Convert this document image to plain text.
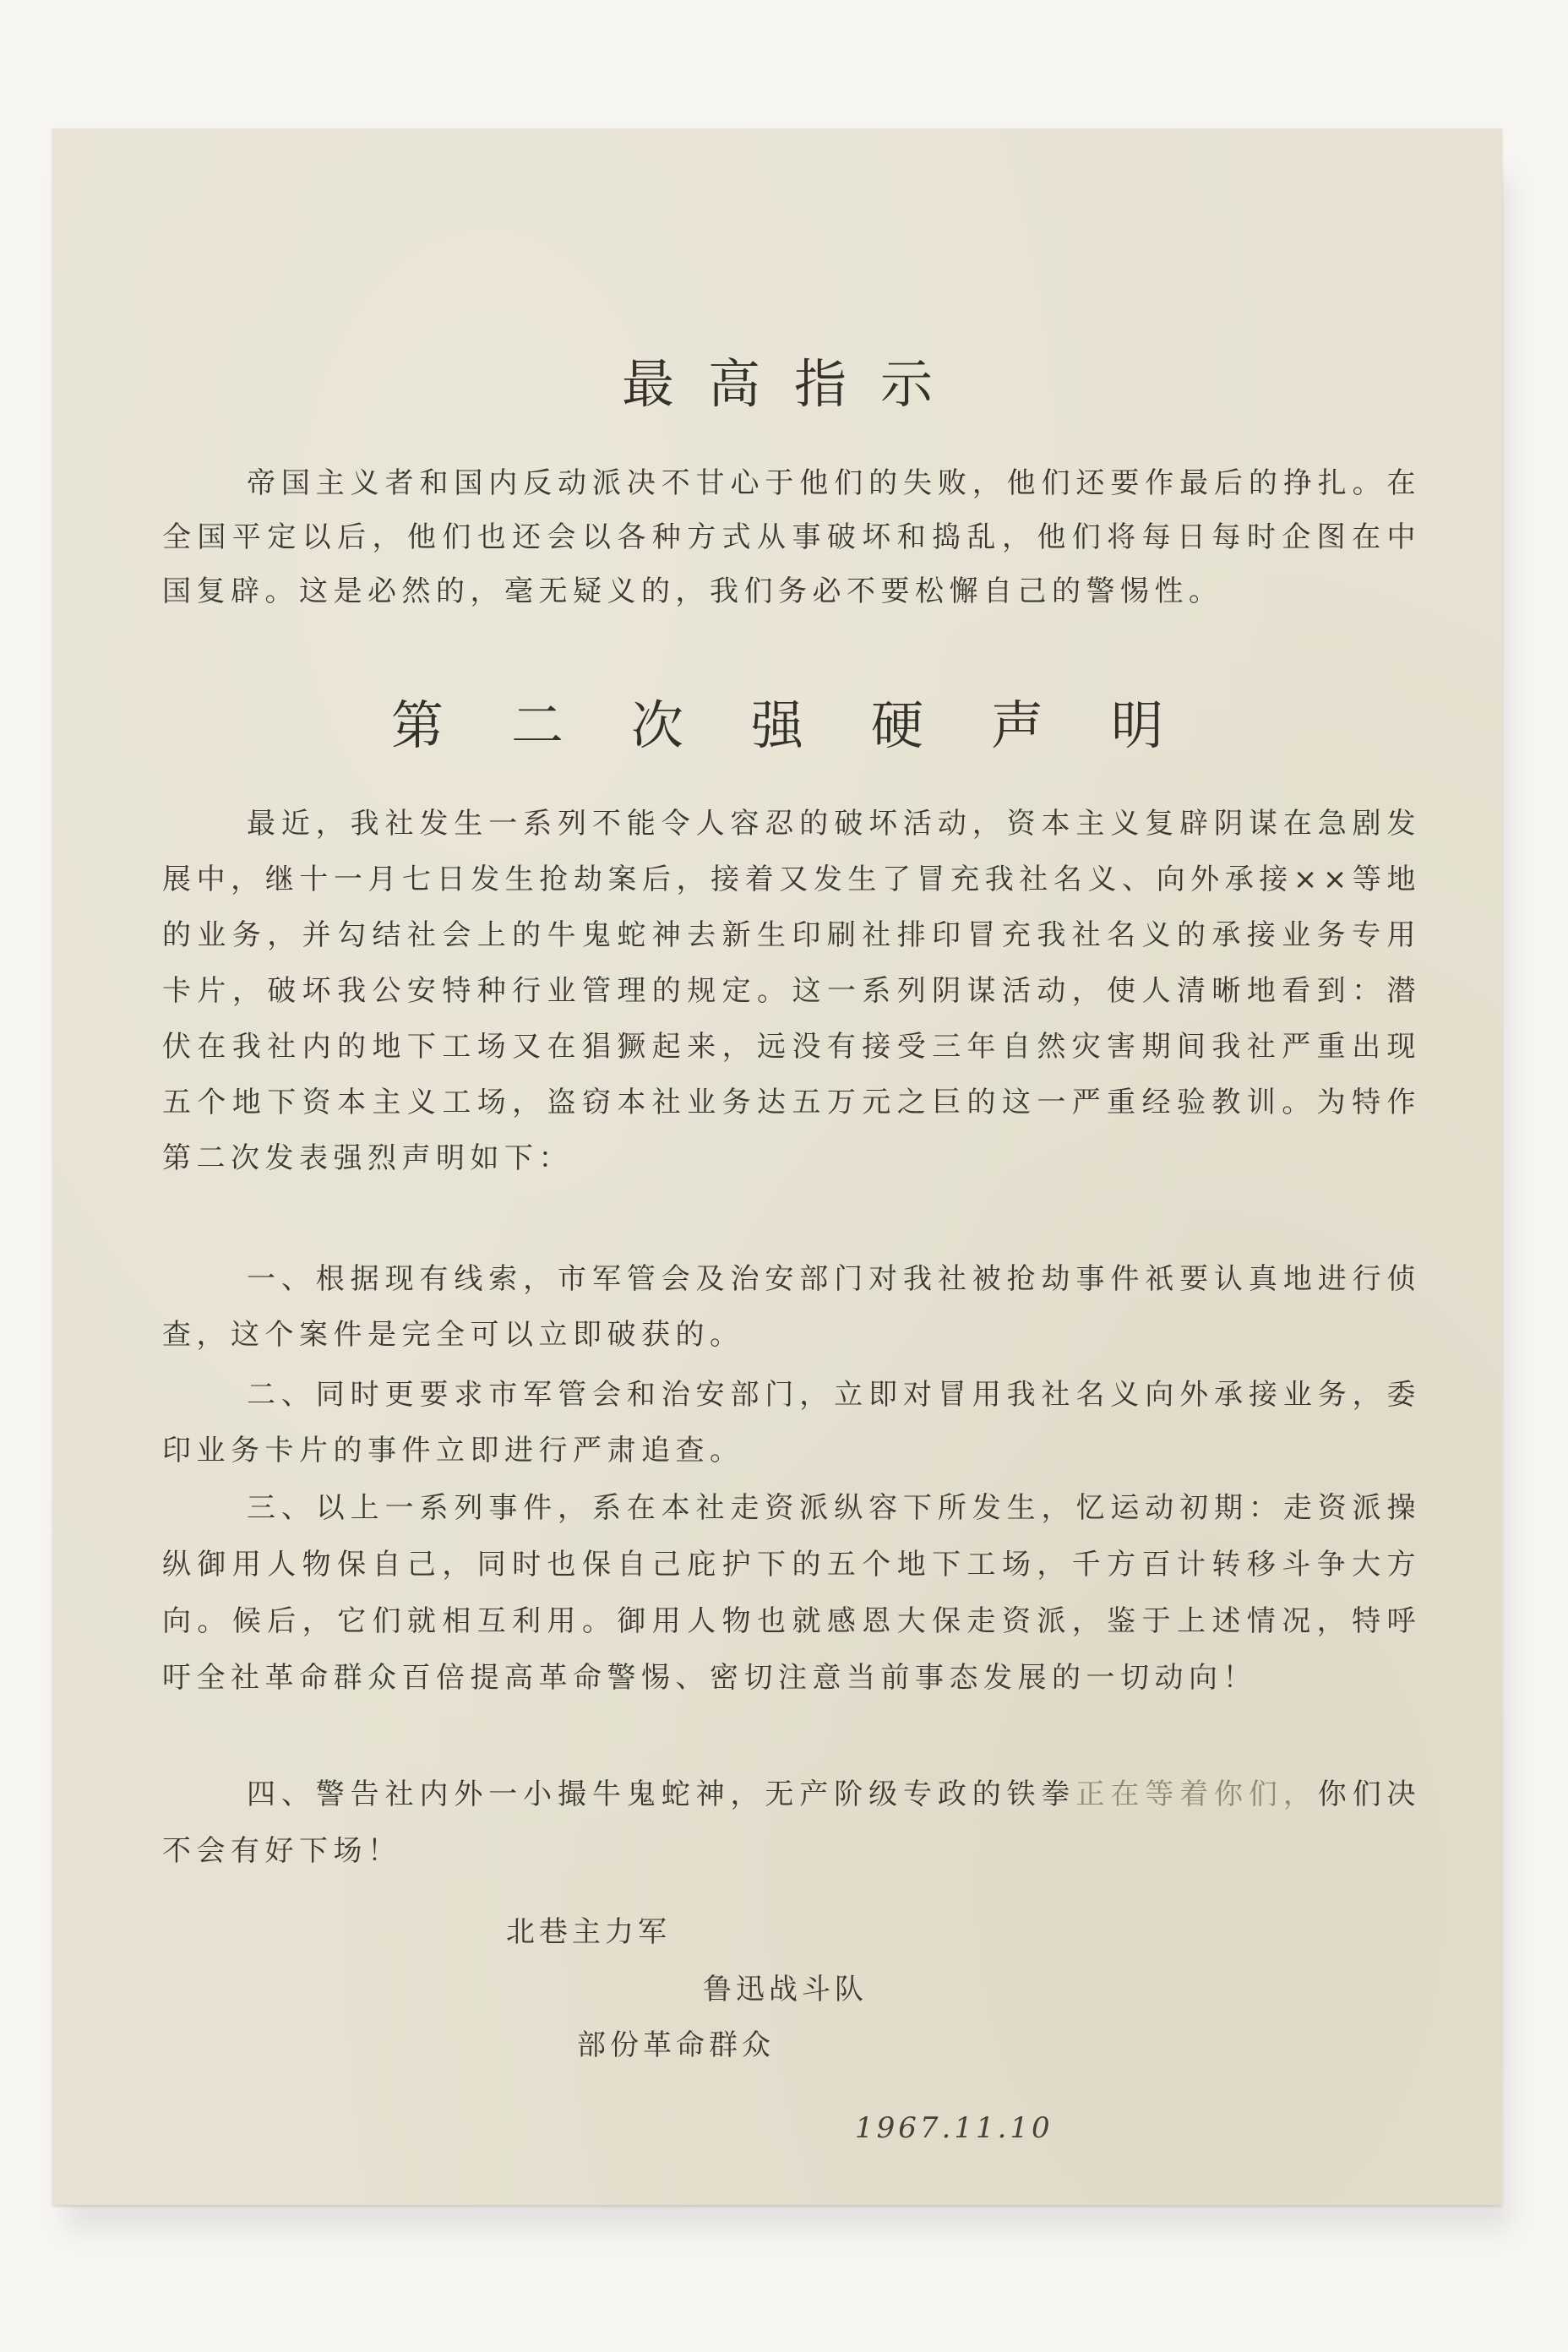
最高指示

帝国主义者和国内反动派决不甘心于他们的失败，他们还要作最后的挣扎。在全国平定以后，他们也还会以各种方式从事破坏和捣乱，他们将每日每时企图在中国复辟。这是必然的，毫无疑义的，我们务必不要松懈自己的警惕性。

第二次强硬声明

最近，我社发生一系列不能令人容忍的破坏活动，资本主义复辟阴谋在急剧发展中，继十一月七日发生抢劫案后，接着又发生了冒充我社名义、向外承接××等地的业务，并勾结社会上的牛鬼蛇神去新生印刷社排印冒充我社名义的承接业务专用卡片，破坏我公安特种行业管理的规定。这一系列阴谋活动，使人清晰地看到：潜伏在我社内的地下工场又在猖獗起来，远没有接受三年自然灾害期间我社严重出现五个地下资本主义工场，盗窃本社业务达五万元之巨的这一严重经验教训。为特作第二次发表强烈声明如下：

一、根据现有线索，市军管会及治安部门对我社被抢劫事件祇要认真地进行侦查，这个案件是完全可以立即破获的。

二、同时更要求市军管会和治安部门，立即对冒用我社名义向外承接业务，委印业务卡片的事件立即进行严肃追查。

三、以上一系列事件，系在本社走资派纵容下所发生，忆运动初期：走资派操纵御用人物保自己，同时也保自己庇护下的五个地下工场，千方百计转移斗争大方向。候后，它们就相互利用。御用人物也就感恩大保走资派，鉴于上述情况，特呼吁全社革命群众百倍提高革命警惕、密切注意当前事态发展的一切动向！

四、警告社内外一小撮牛鬼蛇神，无产阶级专政的铁拳正在等着你们，你们决不会有好下场！

北巷主力军

鲁迅战斗队

部份革命群众

1967.11.10
